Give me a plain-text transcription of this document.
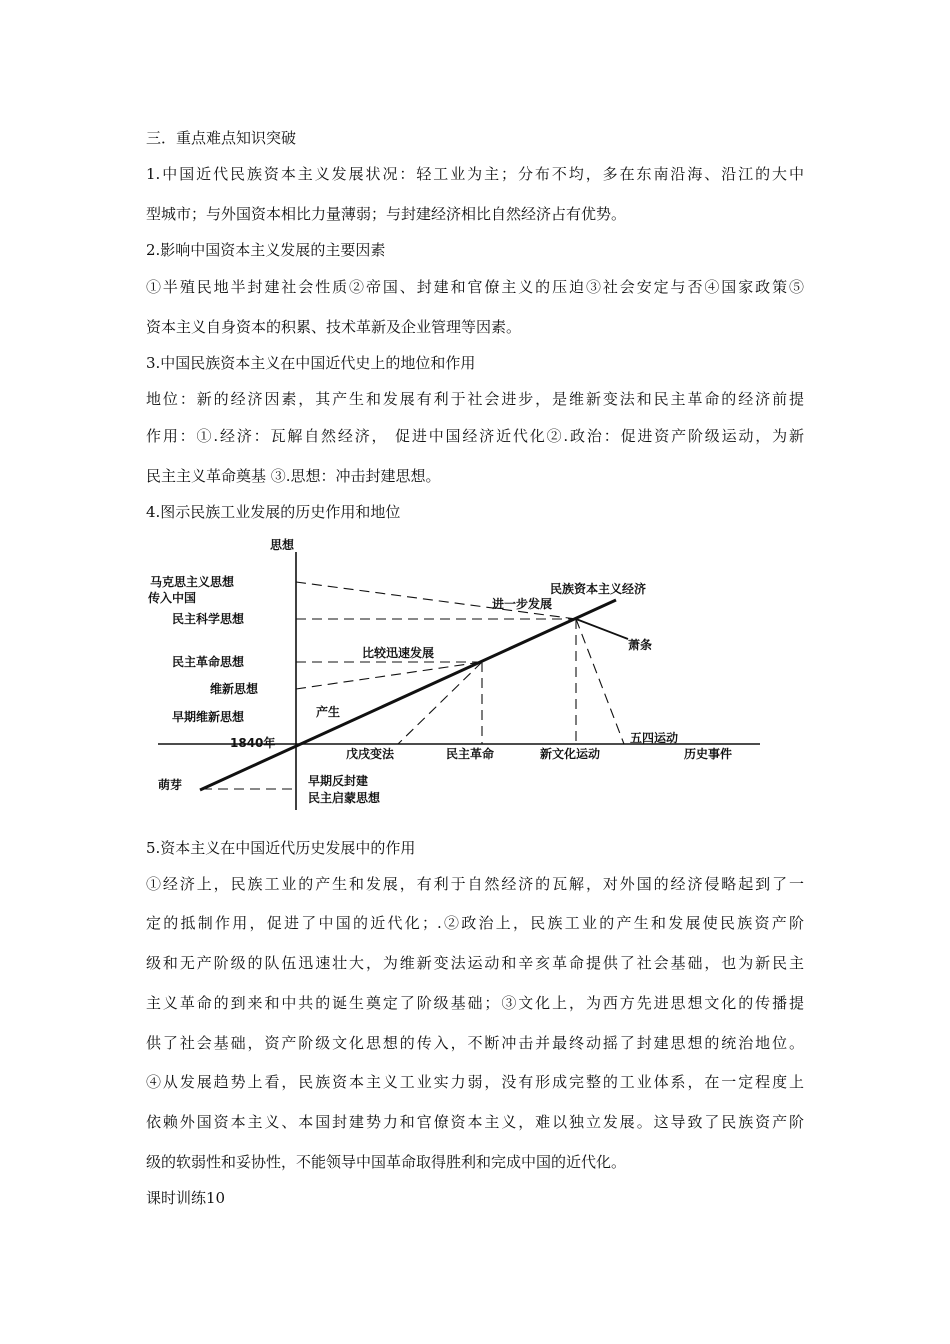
三．重点难点知识突破
1.中国近代民族资本主义发展状况：轻工业为主；分布不均，多在东南沿海、沿江的大中
型城市；与外国资本相比力量薄弱；与封建经济相比自然经济占有优势。
2.影响中国资本主义发展的主要因素
①半殖民地半封建社会性质②帝国、封建和官僚主义的压迫③社会安定与否④国家政策⑤
资本主义自身资本的积累、技术革新及企业管理等因素。
3.中国民族资本主义在中国近代史上的地位和作用
地位：新的经济因素，其产生和发展有利于社会进步，是维新变法和民主革命的经济前提
作用：①.经济：瓦解自然经济， 促进中国经济近代化②.政治：促进资产阶级运动，为新
民主主义革命奠基 ③.思想：冲击封建思想。
4.图示民族工业发展的历史作用和地位
思想
历史事件
1840年
马克思主义思想
传入中国
民主科学思想
民主革命思想
维新思想
早期维新思想
早期反封建
民主启蒙思想
戊戌变法	民主革命	新文化运动
萌芽
产生
比较迅速发展
进一步发展
民族资本主义经济
萧条
五四运动
5.资本主义在中国近代历史发展中的作用
①经济上，民族工业的产生和发展，有利于自然经济的瓦解，对外国的经济侵略起到了一
定的抵制作用，促进了中国的近代化；.②政治上，民族工业的产生和发展使民族资产阶
级和无产阶级的队伍迅速壮大，为维新变法运动和辛亥革命提供了社会基础，也为新民主
主义革命的到来和中共的诞生奠定了阶级基础；③文化上，为西方先进思想文化的传播提
供了社会基础，资产阶级文化思想的传入，不断冲击并最终动摇了封建思想的统治地位。
④从发展趋势上看，民族资本主义工业实力弱，没有形成完整的工业体系，在一定程度上
依赖外国资本主义、本国封建势力和官僚资本主义，难以独立发展。这导致了民族资产阶
级的软弱性和妥协性，不能领导中国革命取得胜利和完成中国的近代化。
课时训练10
